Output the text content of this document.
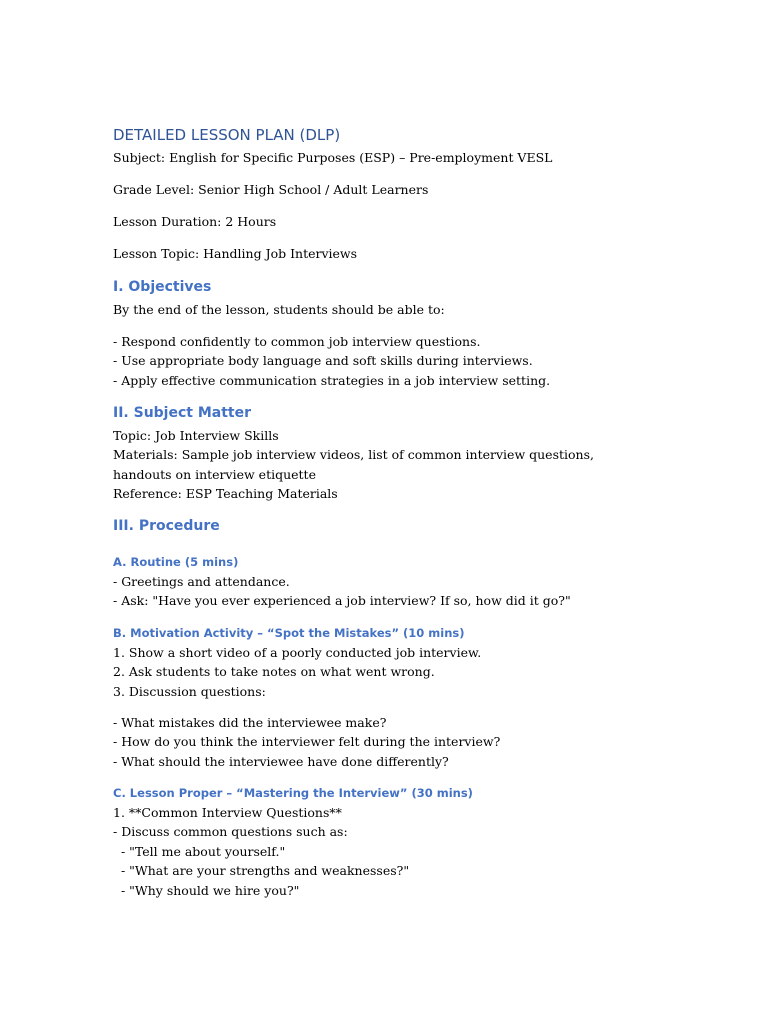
DETAILED LESSON PLAN (DLP)

Subject: English for Specific Purposes (ESP) – Pre-employment VESL

Grade Level: Senior High School / Adult Learners

Lesson Duration: 2 Hours

Lesson Topic: Handling Job Interviews

I. Objectives

By the end of the lesson, students should be able to:

- Respond confidently to common job interview questions.

- Use appropriate body language and soft skills during interviews.

- Apply effective communication strategies in a job interview setting.

II. Subject Matter

Topic: Job Interview Skills

Materials: Sample job interview videos, list of common interview questions, handouts on interview etiquette

Reference: ESP Teaching Materials

III. Procedure
A. Routine (5 mins)

- Greetings and attendance.

- Ask: "Have you ever experienced a job interview? If so, how did it go?"

B. Motivation Activity – “Spot the Mistakes” (10 mins)

1. Show a short video of a poorly conducted job interview.

2. Ask students to take notes on what went wrong.

3. Discussion questions:

- What mistakes did the interviewee make?

- How do you think the interviewer felt during the interview?

- What should the interviewee have done differently?

C. Lesson Proper – “Mastering the Interview” (30 mins)

1. **Common Interview Questions**

- Discuss common questions such as:

- "Tell me about yourself."

- "What are your strengths and weaknesses?"

- "Why should we hire you?"
